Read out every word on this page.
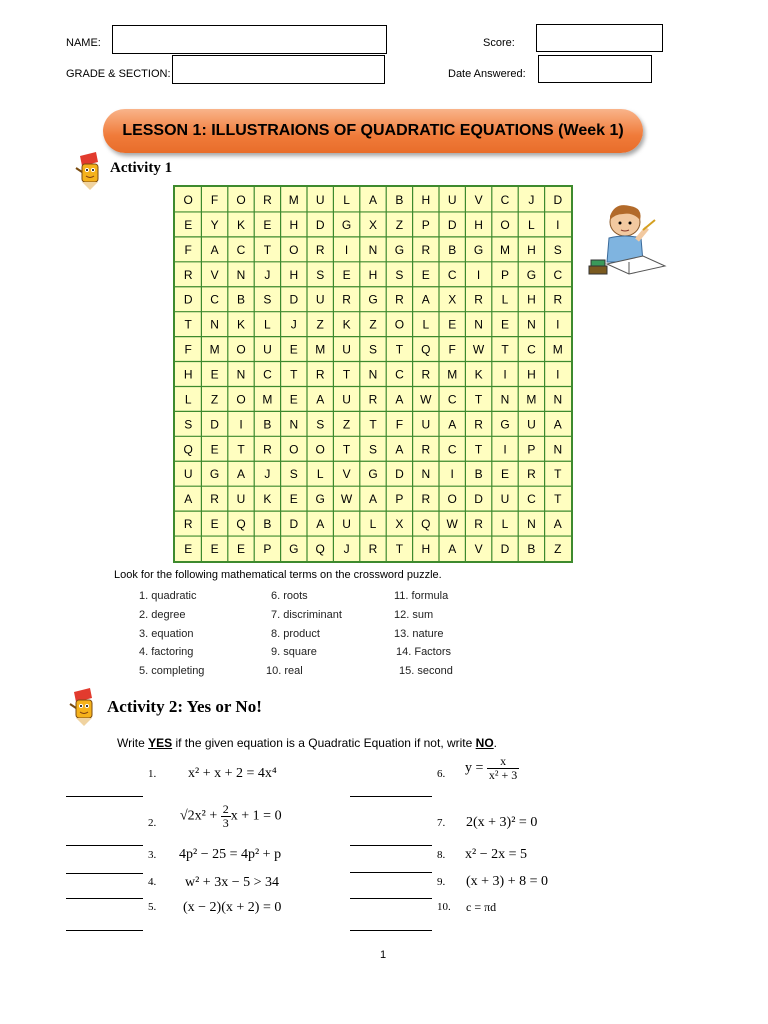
NAME:	Score:
GRADE & SECTION:	Date Answered:
LESSON 1: ILLUSTRAIONS OF QUADRATIC EQUATIONS (Week 1)
Activity 1
O F O R M U L A B H U V C J D
E Y K E H D G X Z P D H O L I
F A C T O R I N G R B G M H S
R V N J H S E H S E C I P G C
D C B S D U R G R A X R L H R
T N K L J Z K Z O L E N E N I
F M O U E M U S T Q F W T C M
H E N C T R T N C R M K I H I
L Z O M E A U R A W C T N M N
S D I B N S Z T F U A R G U A
Q E T R O O T S A R C T I P N
U G A J S L V G D N I B E R T
A R U K E G W A P R O D U C T
R E Q B D A U L X Q W R L N A
E E E P G Q J R T H A V D B Z
Look for the following mathematical terms on the crossword puzzle.
1. quadratic
2. degree
3. equation
4. factoring
5. completing
6. roots
7. discriminant
8. product
9. square
10. real
11. formula
12. sum
13. nature
14. Factors
15. second
Activity 2: Yes or No!
Write YES if the given equation is a Quadratic Equation if not, write NO.
1. x² + x + 2 = 4x⁴
2. $√2x^2 + \frac{2}{3}$ x + 1 = 0
3. 4p² − 25 = 4p² + p
4. w² + 3x − 5 > 34
5. (x − 2)(x + 2) = 0
6. $y = \frac{x}{\text{x² + 3}}$
7. 2(x + 3)² = 0
8. x² − 2x = 5
9. (x + 3) + 8 = 0
10. c = πd
1
